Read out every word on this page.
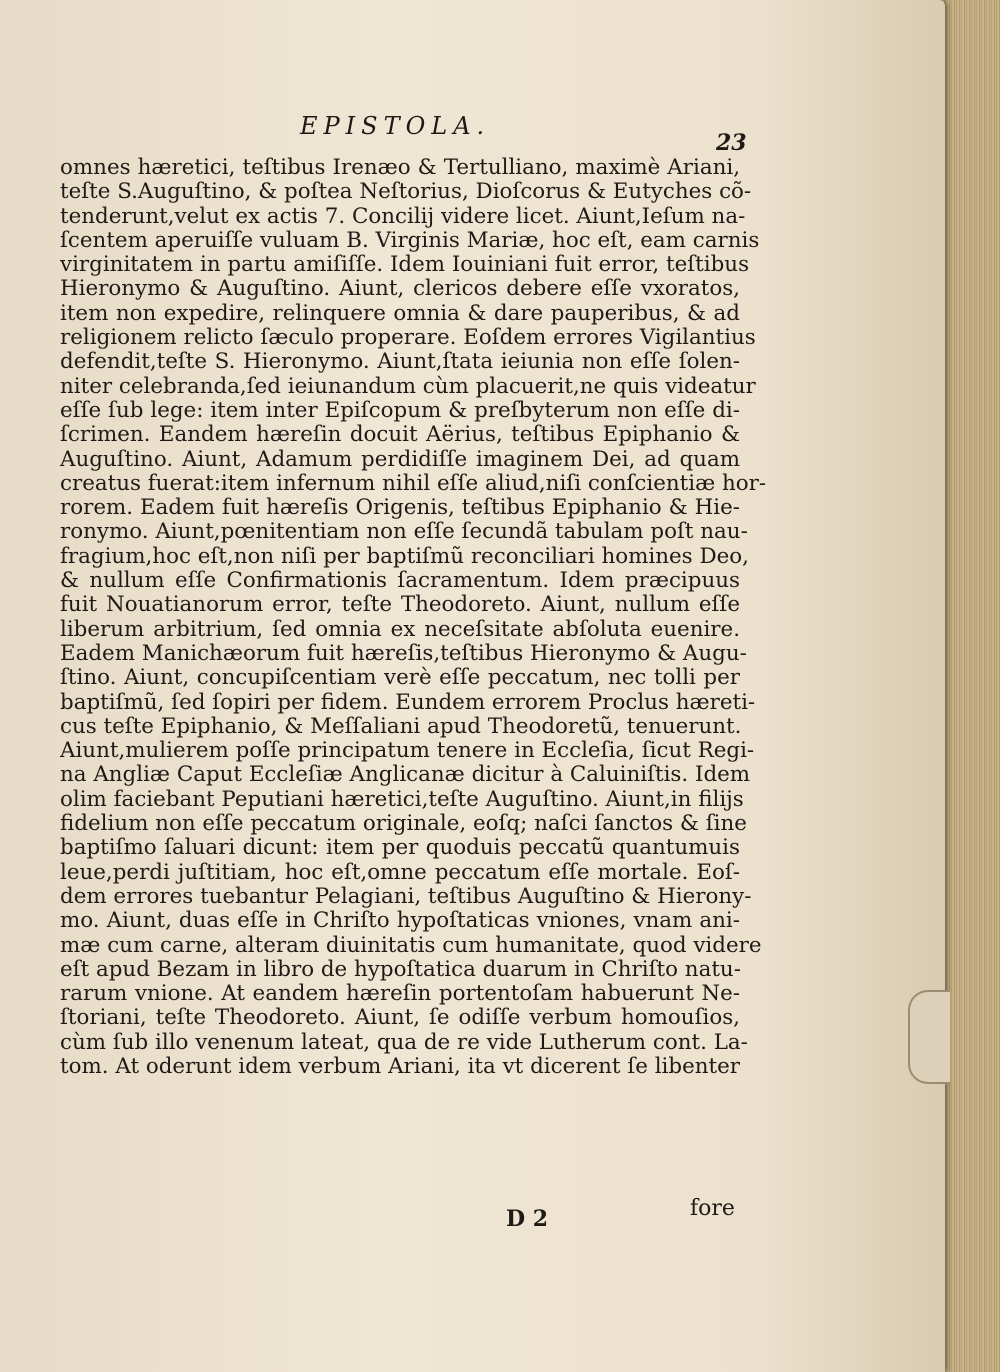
EPISTOLA.
23
omnes hæretici, teſtibus Irenæo & Tertulliano, maximè Ariani,
teſte S.Auguſtino, & poſtea Neſtorius, Dioſcorus & Eutyches cõ-
tenderunt,velut ex actis 7. Concilij videre licet. Aiunt,Ieſum na-
ſcentem aperuiſſe vuluam B. Virginis Mariæ, hoc eſt, eam carnis
virginitatem in partu amiſiſſe. Idem Iouiniani fuit error, teſtibus
Hieronymo & Auguſtino. Aiunt, clericos debere eſſe vxoratos,
item non expedire, relinquere omnia & dare pauperibus, & ad
religionem relicto ſæculo properare. Eoſdem errores Vigilantius
defendit,teſte S. Hieronymo. Aiunt,ſtata ieiunia non eſſe ſolen-
niter celebranda,ſed ieiunandum cùm placuerit,ne quis videatur
eſſe ſub lege: item inter Epiſcopum & preſbyterum non eſſe di-
ſcrimen. Eandem hæreſin docuit Aërius, teſtibus Epiphanio &
Auguſtino. Aiunt, Adamum perdidiſſe imaginem Dei, ad quam
creatus fuerat:item infernum nihil eſſe aliud,niſi conſcientiæ hor-
rorem. Eadem fuit hæreſis Origenis, teſtibus Epiphanio & Hie-
ronymo. Aiunt,pœnitentiam non eſſe ſecundã tabulam poſt nau-
fragium,hoc eſt,non niſi per baptiſmũ reconciliari homines Deo,
& nullum eſſe Confirmationis ſacramentum. Idem præcipuus
fuit Nouatianorum error, teſte Theodoreto. Aiunt, nullum eſſe
liberum arbitrium, ſed omnia ex neceſsitate abſoluta euenire.
Eadem Manichæorum fuit hæreſis,teſtibus Hieronymo & Augu-
ſtino. Aiunt, concupiſcentiam verè eſſe peccatum, nec tolli per
baptiſmũ, ſed ſopiri per fidem. Eundem errorem Proclus hæreti-
cus teſte Epiphanio, & Meſſaliani apud Theodoretũ, tenuerunt.
Aiunt,mulierem poſſe principatum tenere in Eccleſia, ſicut Regi-
na Angliæ Caput Eccleſiæ Anglicanæ dicitur à Caluiniſtis. Idem
olim faciebant Peputiani hæretici,teſte Auguſtino. Aiunt,in filijs
fidelium non eſſe peccatum originale, eoſq; naſci ſanctos & ſine
baptiſmo ſaluari dicunt: item per quoduis peccatũ quantumuis
leue,perdi juſtitiam, hoc eſt,omne peccatum eſſe mortale. Eoſ-
dem errores tuebantur Pelagiani, teſtibus Auguſtino & Hierony-
mo. Aiunt, duas eſſe in Chriſto hypoſtaticas vniones, vnam ani-
mæ cum carne, alteram diuinitatis cum humanitate, quod videre
eſt apud Bezam in libro de hypoſtatica duarum in Chriſto natu-
rarum vnione. At eandem hæreſin portentoſam habuerunt Ne-
ſtoriani, teſte Theodoreto. Aiunt, ſe odiſſe verbum homouſios,
cùm ſub illo venenum lateat, qua de re vide Lutherum cont. La-
tom. At oderunt idem verbum Ariani, ita vt dicerent ſe libenter
D 2	fore
